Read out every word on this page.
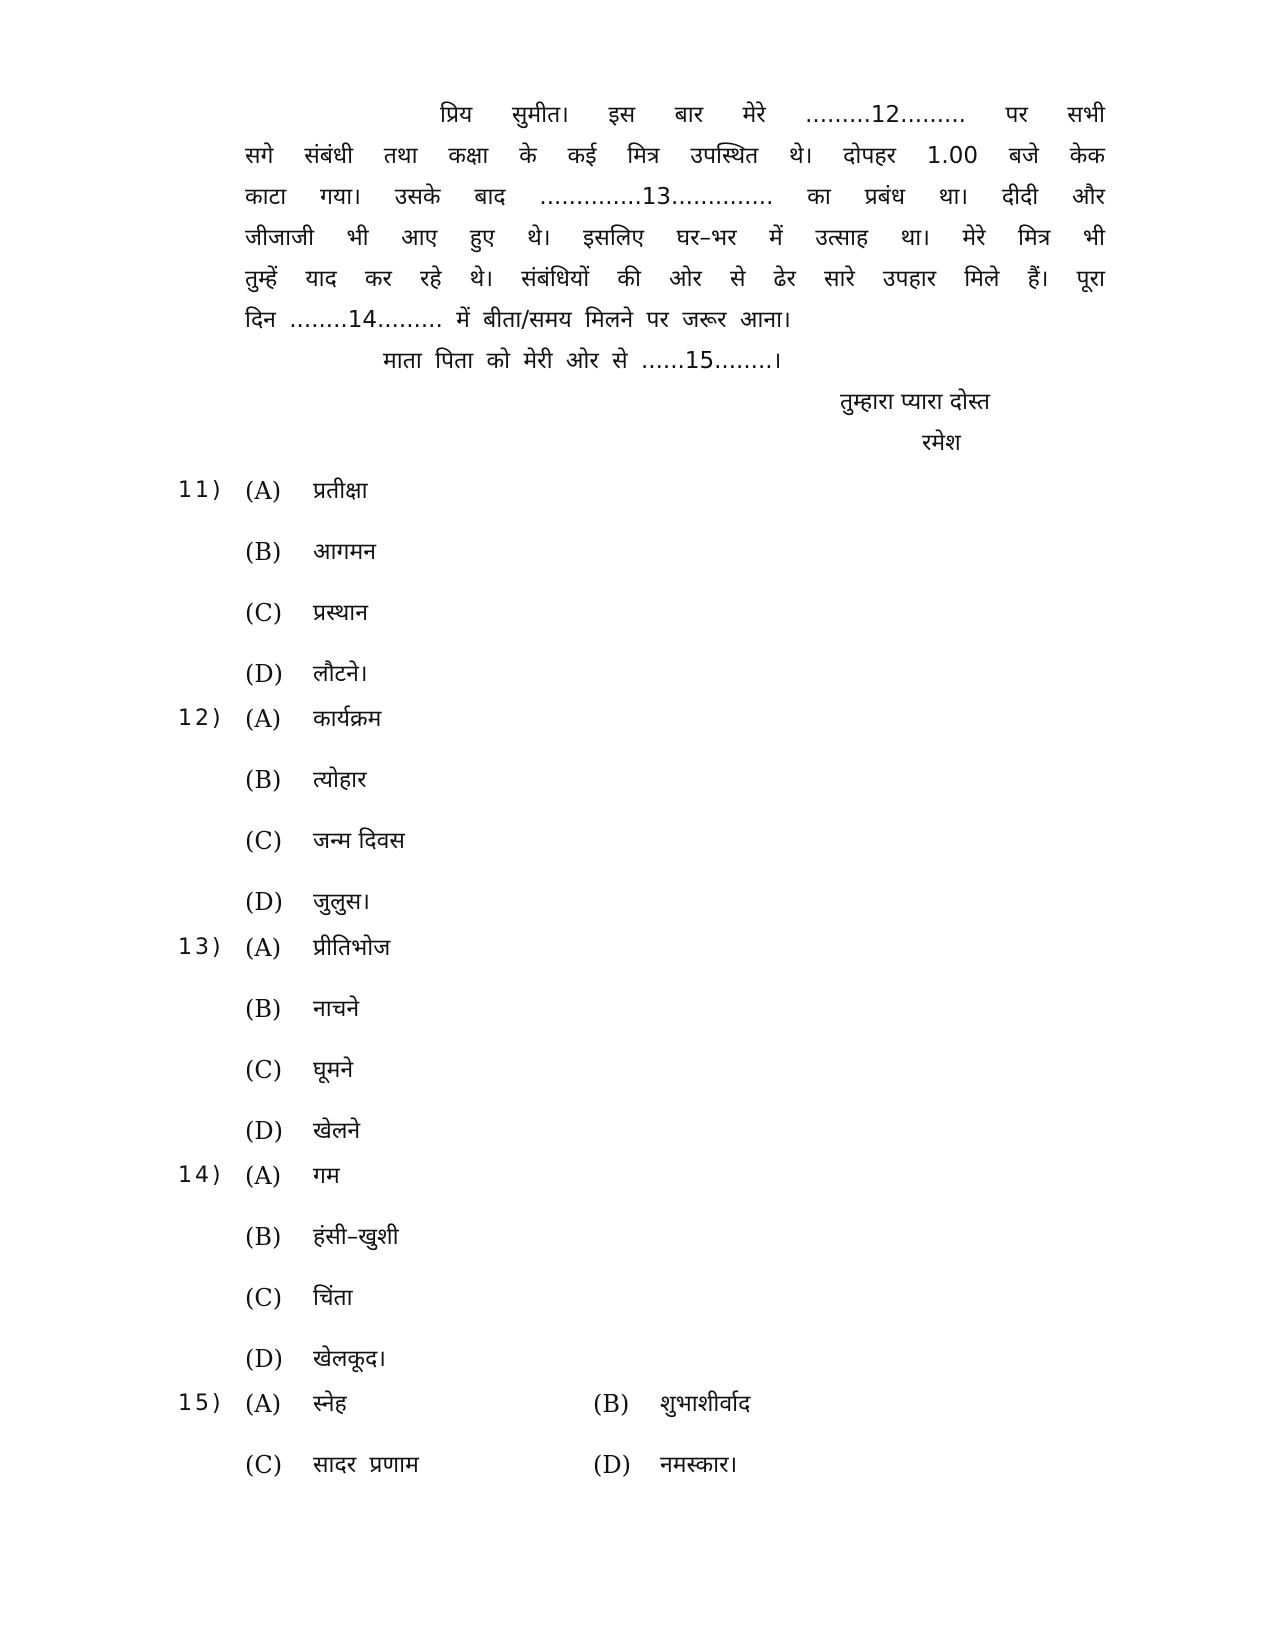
प्रिय सुमीत। इस बार मेरे .........12......... पर सभी
सगे संबंधी तथा कक्षा के कई मित्र उपस्थित थे। दोपहर 1.00 बजे केक
काटा गया। उसके बाद ..............13.............. का प्रबंध था। दीदी और
जीजाजी भी आए हुए थे। इसलिए घर–भर में उत्साह था। मेरे मित्र भी
तुम्हें याद कर रहे थे। संबंधियों की ओर से ढेर सारे उपहार मिले हैं। पूरा
दिन ........14......... में बीता/समय मिलने पर जरूर आना।
माता पिता को मेरी ओर से ......15........।
तुम्हारा प्यारा दोस्त
रमेश
11) (A) प्रतीक्षा
(B) आगमन
(C) प्रस्थान
(D) लौटने।
12) (A) कार्यक्रम
(B) त्योहार
(C) जन्म दिवस
(D) जुलुस।
13) (A) प्रीतिभोज
(B) नाचने
(C) घूमने
(D) खेलने
14) (A) गम
(B) हंसी–खुशी
(C) चिंता
(D) खेलकूद।
15) (A) स्नेह	(B) शुभाशीर्वाद
(C) सादर प्रणाम	(D) नमस्कार।
